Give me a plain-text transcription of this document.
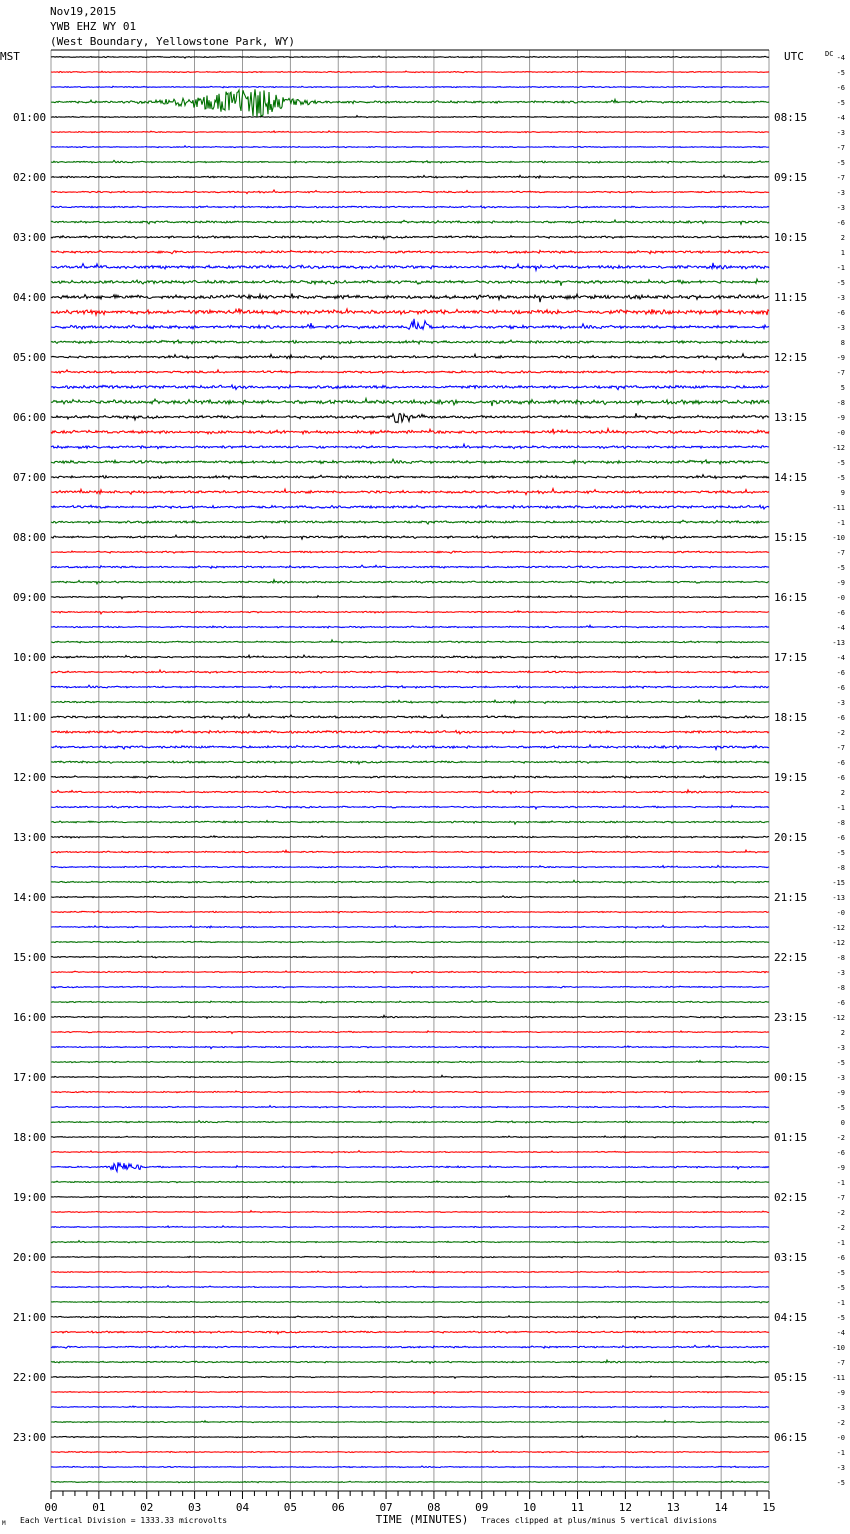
Nov19,2015
YWB EHZ WY 01
(West Boundary, Yellowstone Park, WY)
-4
-5
-6
-5
-4
-3
-7
-5
-7
-3
-3
-6
2
1
-1
-5
-3
-6
-3
8
-9
-7
5
-8
-9
-0
-12
-5
-5
9
-11
-1
-10
-7
-5
-9
-0
-6
-4
-13
-4
-6
-6
-3
-6
-2
-7
-6
-6
2
-1
-8
-6
-5
-8
-15
-13
-0
-12
-12
-8
-3
-8
-6
-12
2
-3
-5
-3
-9
-5
0
-2
-6
-9
-1
-7
-2
-2
-1
-6
-5
-5
-1
-5
-4
-10
-7
-11
-9
-3
-2
-0
-1
-3
-5
MST	UTC	DC
01:00
02:00
03:00
04:00
05:00
06:00
07:00
08:00
09:00
10:00
11:00
12:00
13:00
14:00
15:00
16:00
17:00
18:00
19:00
20:00
21:00
22:00
23:00
08:15
09:15
10:15
11:15
12:15
13:15
14:15
15:15
16:15
17:15
18:15
19:15
20:15
21:15
22:15
23:15
00:15
01:15
02:15
03:15
04:15
05:15
06:15
00	01	02	03	04	05	06	07	08	09	10	11	12	13	14	15
TIME (MINUTES)
Each Vertical Division = 1333.33 microvolts	Traces clipped at plus/minus 5 vertical divisions
M
